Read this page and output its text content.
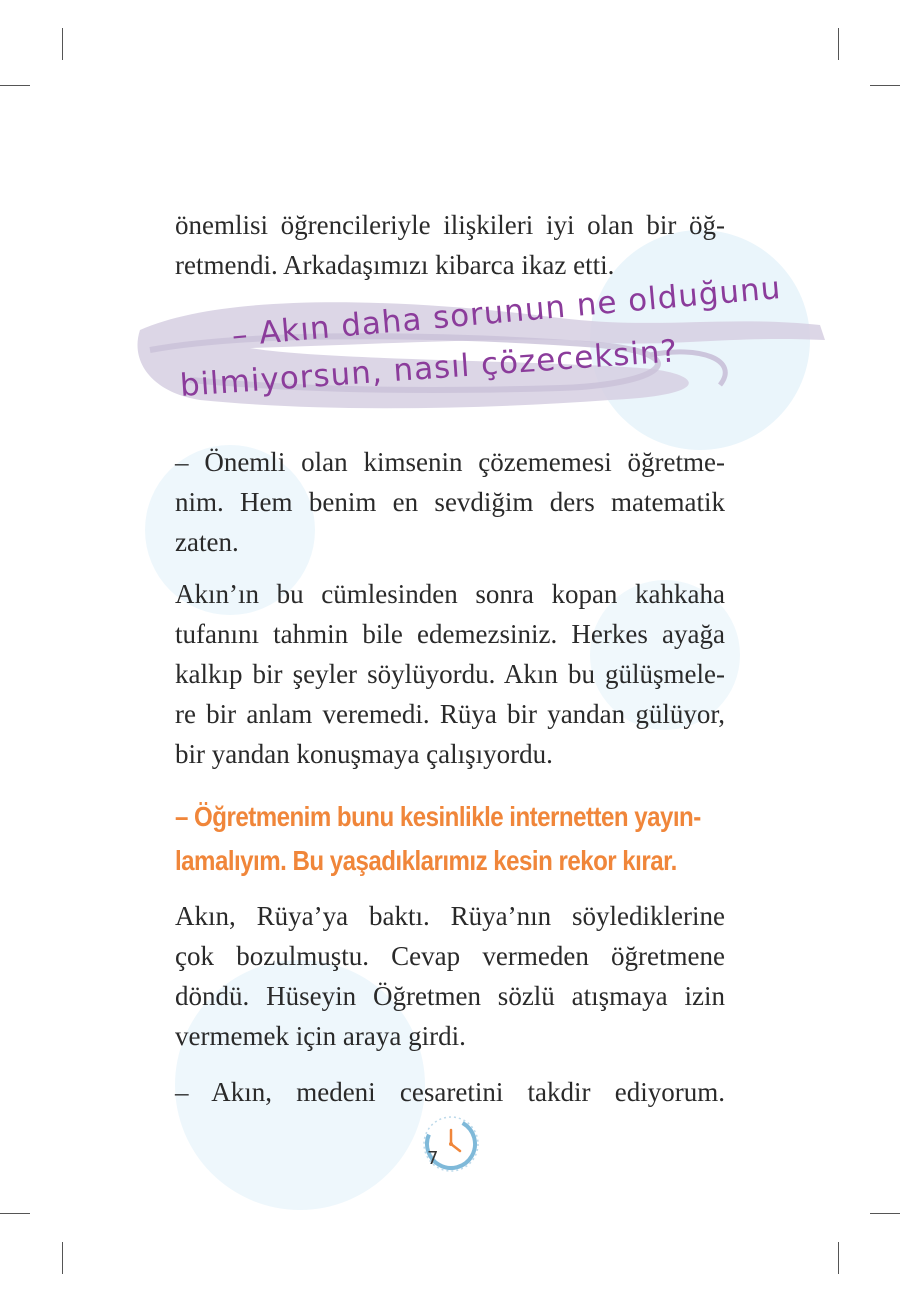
önemlisi öğrencileriyle ilişkileri iyi olan bir öğ-
retmendi. Arkadaşımızı kibarca ikaz etti.

– Akın daha sorunun ne olduğunu
bilmiyorsun, nasıl çözeceksin?

– Önemli olan kimsenin çözememesi öğretme-
nim. Hem benim en sevdiğim ders matematik
zaten.

Akın’ın bu cümlesinden sonra kopan kahkaha
tufanını tahmin bile edemezsiniz. Herkes ayağa
kalkıp bir şeyler söylüyordu. Akın bu gülüşmele-
re bir anlam veremedi. Rüya bir yandan gülüyor,
bir yandan konuşmaya çalışıyordu.

– Öğretmenim bunu kesinlikle internetten yayın-
lamalıyım. Bu yaşadıklarımız kesin rekor kırar.

Akın, Rüya’ya baktı. Rüya’nın söylediklerine
çok bozulmuştu. Cevap vermeden öğretmene
döndü. Hüseyin Öğretmen sözlü atışmaya izin
vermemek için araya girdi.

– Akın, medeni cesaretini takdir ediyorum.

7
